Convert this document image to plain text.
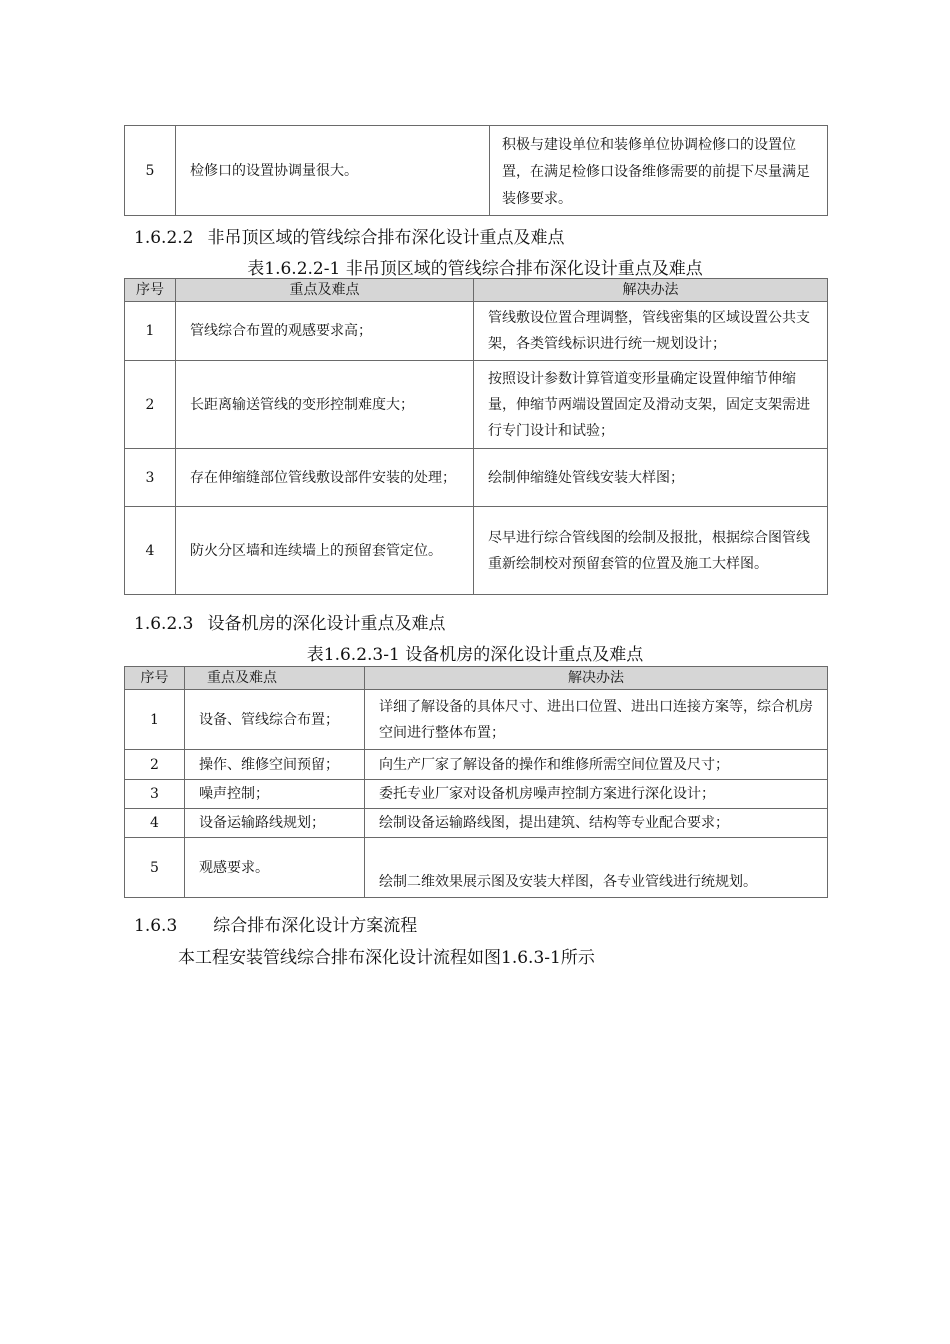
5	检修口的设置协调量很大。	积极与建设单位和装修单位协调检修口的设置位置，在满足检修口设备维修需要的前提下尽量满足装修要求。
1.6.2.2 非吊顶区域的管线综合排布深化设计重点及难点
表1.6.2.2-1 非吊顶区域的管线综合排布深化设计重点及难点
序号	重点及难点	解决办法
1	管线综合布置的观感要求高；	管线敷设位置合理调整，管线密集的区域设置公共支架，各类管线标识进行统一规划设计；
2	长距离输送管线的变形控制难度大；	按照设计参数计算管道变形量确定设置伸缩节伸缩量，伸缩节两端设置固定及滑动支架，固定支架需进行专门设计和试验；
3	存在伸缩缝部位管线敷设部件安装的处理；	绘制伸缩缝处管线安装大样图；
4	防火分区墙和连续墙上的预留套管定位。	尽早进行综合管线图的绘制及报批，根据综合图管线重新绘制校对预留套管的位置及施工大样图。
1.6.2.3 设备机房的深化设计重点及难点
表1.6.2.3-1 设备机房的深化设计重点及难点
序号	重点及难点	解决办法
1	设备、管线综合布置；	详细了解设备的具体尺寸、进出口位置、进出口连接方案等，综合机房空间进行整体布置；
2	操作、维修空间预留；	向生产厂家了解设备的操作和维修所需空间位置及尺寸；
3	噪声控制；	委托专业厂家对设备机房噪声控制方案进行深化设计；
4	设备运输路线规划；	绘制设备运输路线图，提出建筑、结构等专业配合要求；
5	观感要求。	绘制二维效果展示图及安装大样图，各专业管线进行统规划。
1.6.3 综合排布深化设计方案流程
本工程安装管线综合排布深化设计流程如图1.6.3-1所示
